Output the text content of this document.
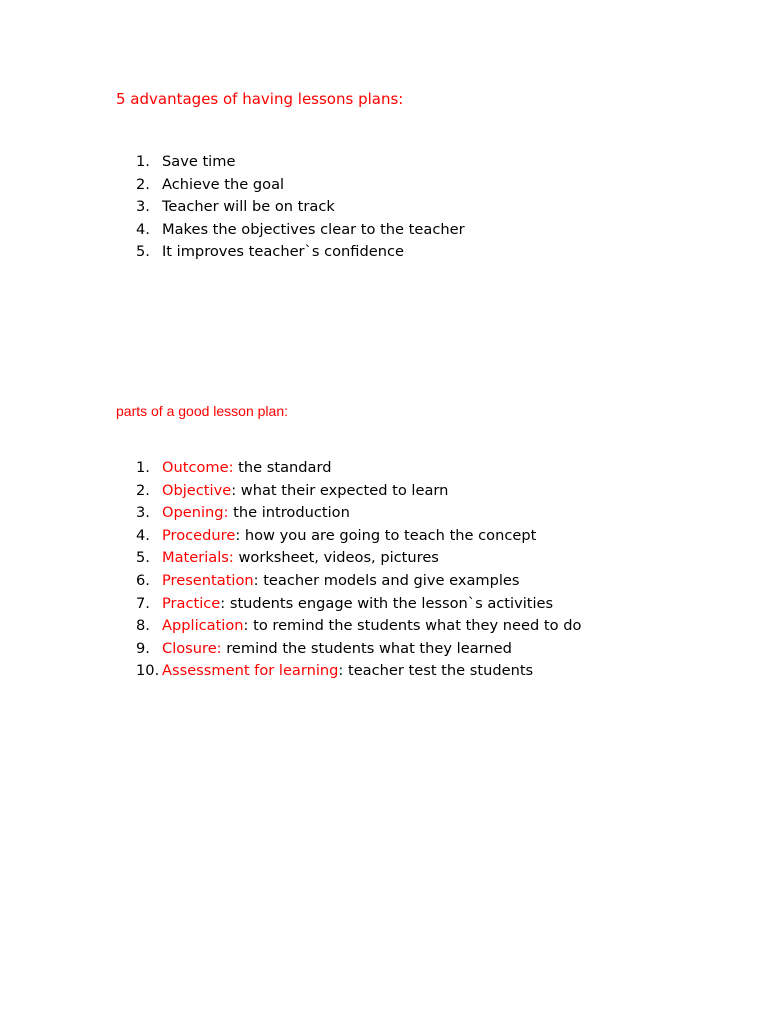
5 advantages of having lessons plans:
1. Save time
2. Achieve the goal
3. Teacher will be on track
4. Makes the objectives clear to the teacher
5. It improves teacher`s confidence
parts of a good lesson plan:
1. Outcome: the standard
2. Objective: what their expected to learn
3. Opening: the introduction
4. Procedure: how you are going to teach the concept
5. Materials: worksheet, videos, pictures
6. Presentation: teacher models and give examples
7. Practice: students engage with the lesson`s activities
8. Application: to remind the students what they need to do
9. Closure: remind the students what they learned
10. Assessment for learning: teacher test the students
